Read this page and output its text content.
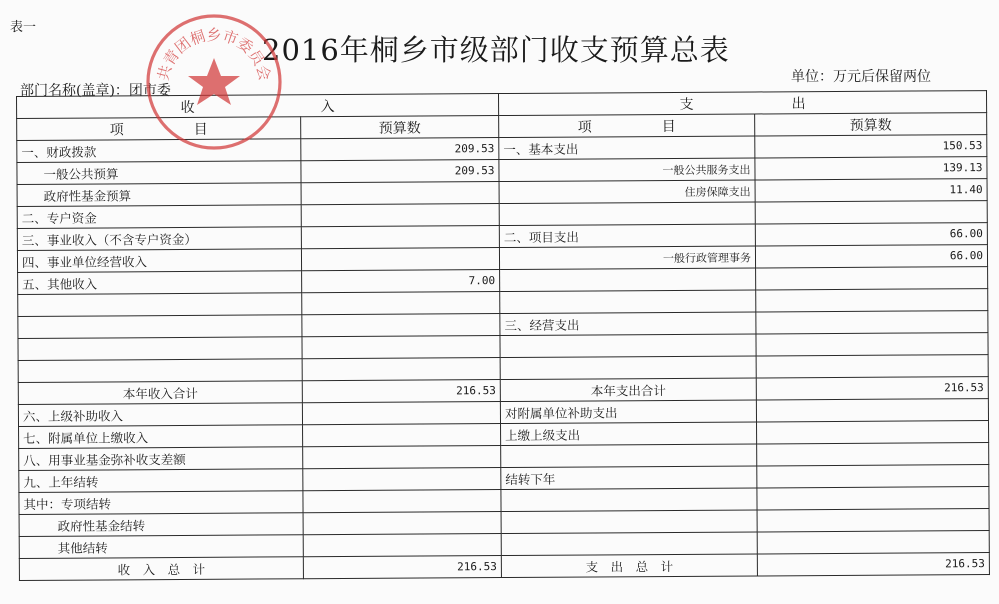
表一
2016年桐乡市级部门收支预算总表
单位：万元后保留两位
部门名称(盖章)：团市委
收　　　　　　　　　入		支　　　　　　　出	
项　　　　　目	预算数	项　　　　　目	预算数
一、财政拨款	209.53	一、基本支出	150.53
一般公共预算	209.53	一般公共服务支出	139.13
政府性基金预算		住房保障支出	11.40
二、专户资金			
三、事业收入（不含专户资金）		二、项目支出	66.00
四、事业单位经营收入		一般行政管理事务	66.00
五、其他收入	7.00		

		三、经营支出	

本年收入合计	216.53	本年支出合计	216.53
六、上级补助收入		对附属单位补助支出	
七、附属单位上缴收入		上缴上级支出	
八、用事业基金弥补收支差额			
九、上年结转		结转下年	
其中：专项结转			
政府性基金结转			
其他结转			
收　入　总　计	216.53	支　出　总　计	216.53
共青团桐乡市委员会
